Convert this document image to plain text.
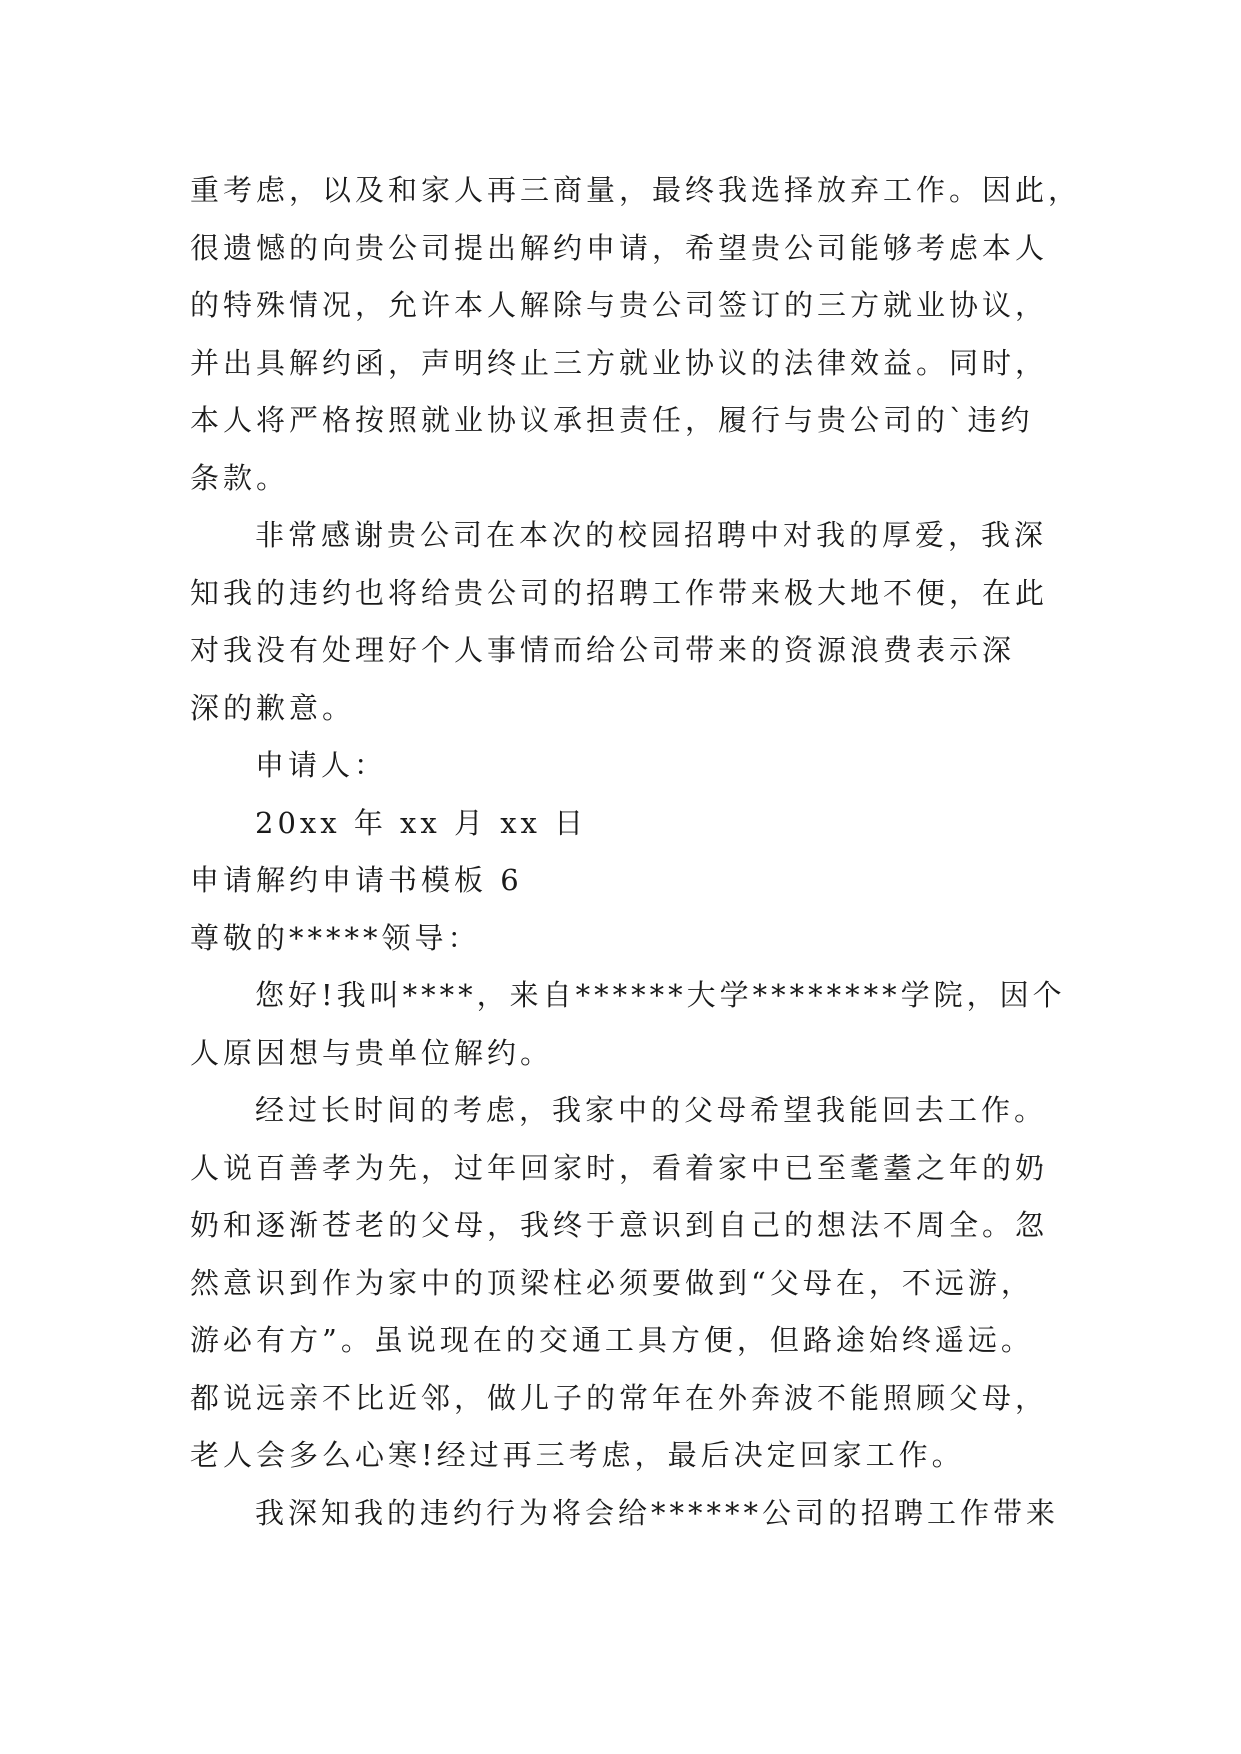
重考虑，以及和家人再三商量，最终我选择放弃工作。因此，
很遗憾的向贵公司提出解约申请，希望贵公司能够考虑本人
的特殊情况，允许本人解除与贵公司签订的三方就业协议，
并出具解约函，声明终止三方就业协议的法律效益。同时，
本人将严格按照就业协议承担责任，履行与贵公司的`违约
条款。
非常感谢贵公司在本次的校园招聘中对我的厚爱，我深
知我的违约也将给贵公司的招聘工作带来极大地不便，在此
对我没有处理好个人事情而给公司带来的资源浪费表示深
深的歉意。
申请人：
20xx 年 xx 月 xx 日
申请解约申请书模板 6
尊敬的*****领导：
您好!我叫****，来自******大学********学院，因个
人原因想与贵单位解约。
经过长时间的考虑，我家中的父母希望我能回去工作。
人说百善孝为先，过年回家时，看着家中已至耄耋之年的奶
奶和逐渐苍老的父母，我终于意识到自己的想法不周全。忽
然意识到作为家中的顶梁柱必须要做到“父母在，不远游，
游必有方”。虽说现在的交通工具方便，但路途始终遥远。
都说远亲不比近邻，做儿子的常年在外奔波不能照顾父母，
老人会多么心寒!经过再三考虑，最后决定回家工作。
我深知我的违约行为将会给******公司的招聘工作带来
